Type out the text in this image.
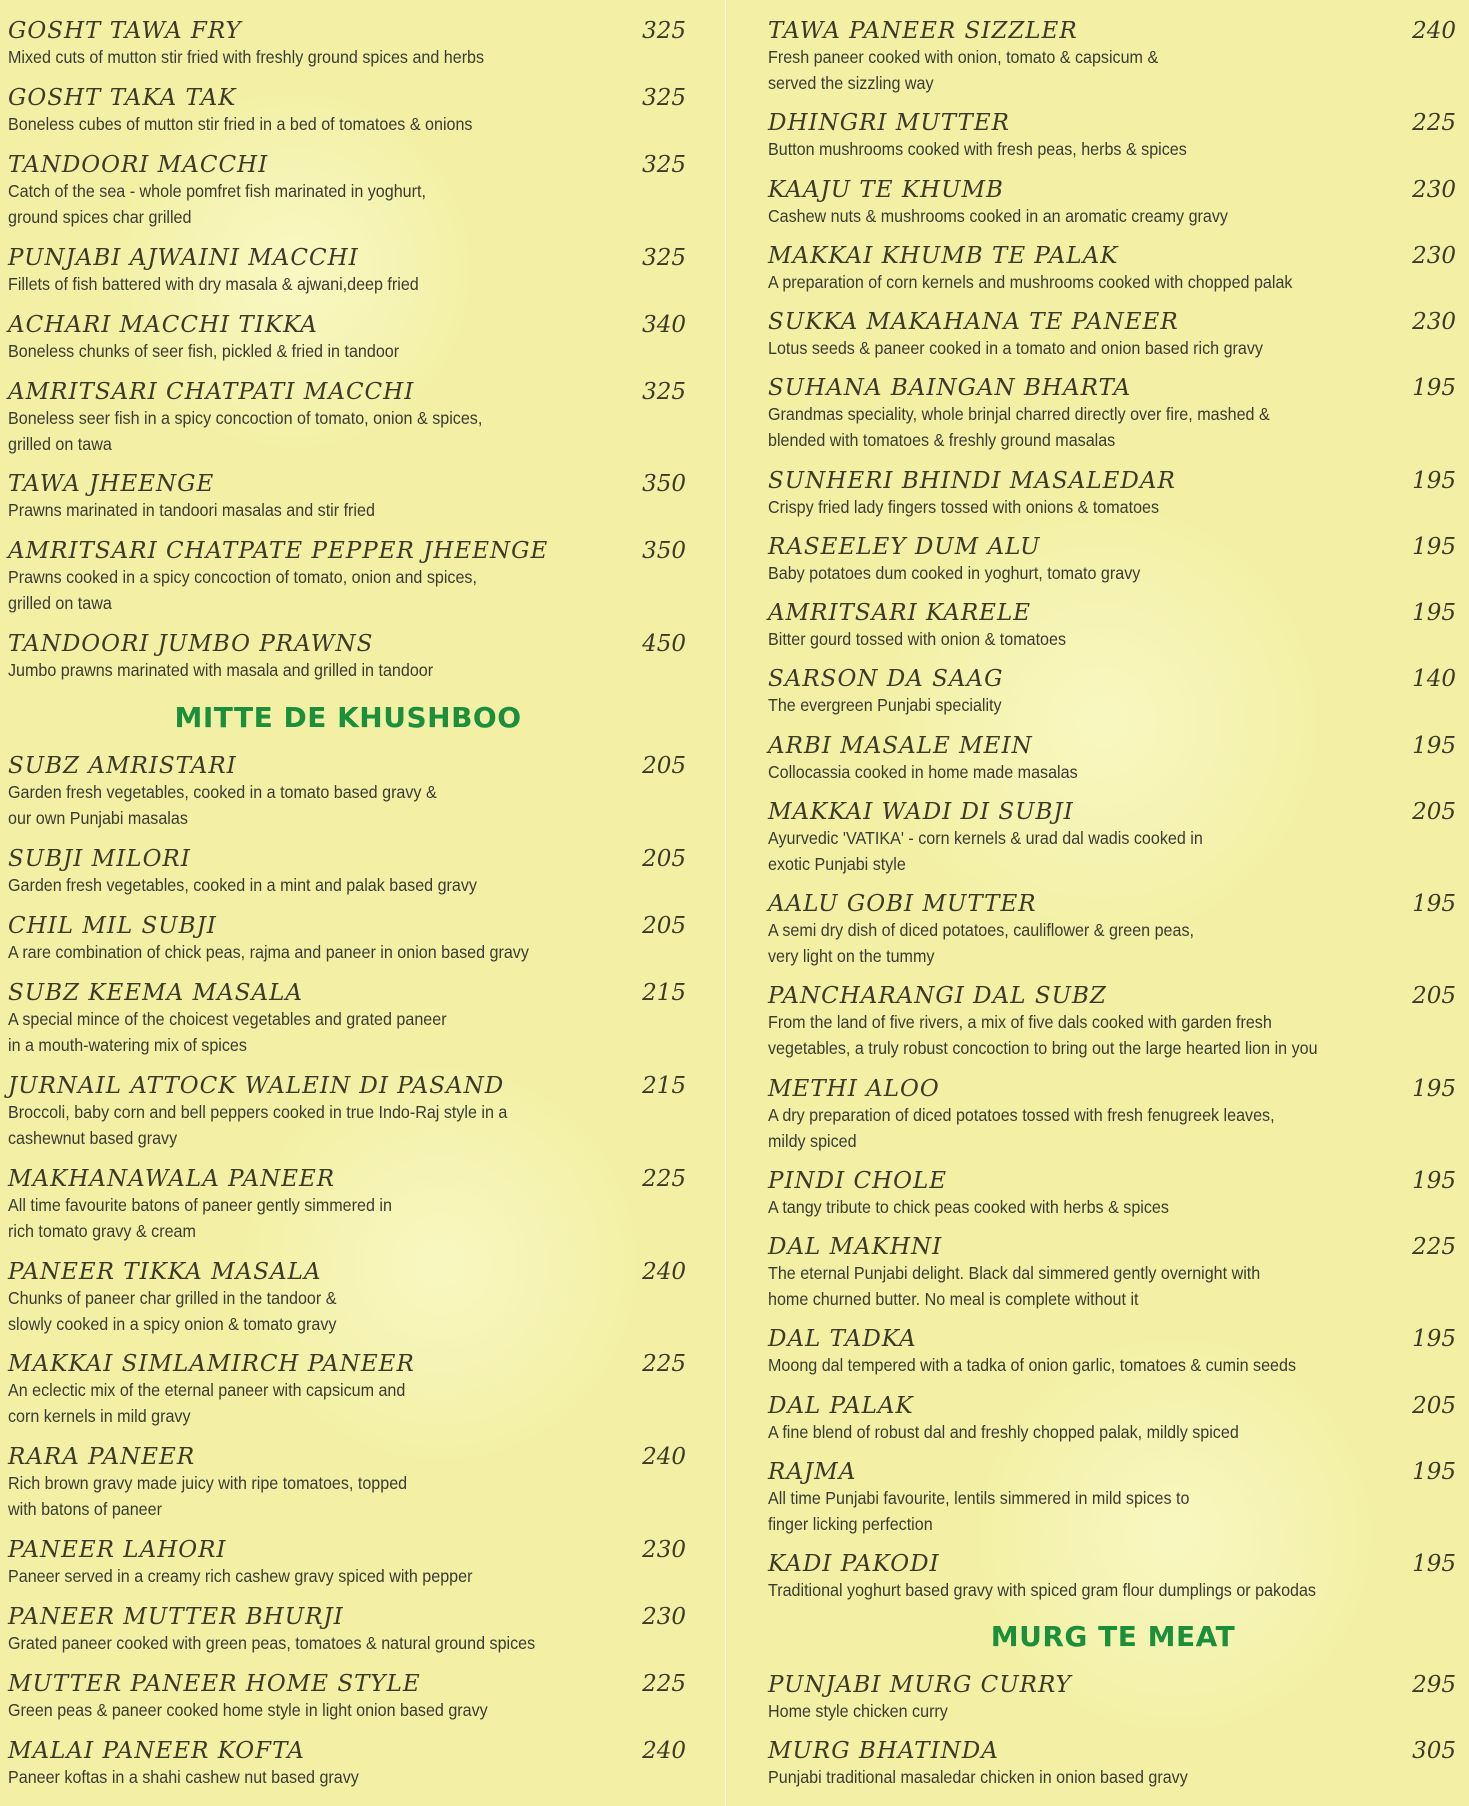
GOSHT TAWA FRY	325
Mixed cuts of mutton stir fried with freshly ground spices and herbs
GOSHT TAKA TAK	325
Boneless cubes of mutton stir fried in a bed of tomatoes & onions
TANDOORI MACCHI	325
Catch of the sea - whole pomfret fish marinated in yoghurt,
ground spices char grilled
PUNJABI AJWAINI MACCHI	325
Fillets of fish battered with dry masala & ajwani,deep fried
ACHARI MACCHI TIKKA	340
Boneless chunks of seer fish, pickled & fried in tandoor
AMRITSARI CHATPATI MACCHI	325
Boneless seer fish in a spicy concoction of tomato, onion & spices,
grilled on tawa
TAWA JHEENGE	350
Prawns marinated in tandoori masalas and stir fried
AMRITSARI CHATPATE PEPPER JHEENGE	350
Prawns cooked in a spicy concoction of tomato, onion and spices,
grilled on tawa
TANDOORI JUMBO PRAWNS	450
Jumbo prawns marinated with masala and grilled in tandoor
MITTE DE KHUSHBOO
SUBZ AMRISTARI	205
Garden fresh vegetables, cooked in a tomato based gravy &
our own Punjabi masalas
SUBJI MILORI	205
Garden fresh vegetables, cooked in a mint and palak based gravy
CHIL MIL SUBJI	205
A rare combination of chick peas, rajma and paneer in onion based gravy
SUBZ KEEMA MASALA	215
A special mince of the choicest vegetables and grated paneer
in a mouth-watering mix of spices
JURNAIL ATTOCK WALEIN DI PASAND	215
Broccoli, baby corn and bell peppers cooked in true Indo-Raj style in a
cashewnut based gravy
MAKHANAWALA PANEER	225
All time favourite batons of paneer gently simmered in
rich tomato gravy & cream
PANEER TIKKA MASALA	240
Chunks of paneer char grilled in the tandoor &
slowly cooked in a spicy onion & tomato gravy
MAKKAI SIMLAMIRCH PANEER	225
An eclectic mix of the eternal paneer with capsicum and
corn kernels in mild gravy
RARA PANEER	240
Rich brown gravy made juicy with ripe tomatoes, topped
with batons of paneer
PANEER LAHORI	230
Paneer served in a creamy rich cashew gravy spiced with pepper
PANEER MUTTER BHURJI	230
Grated paneer cooked with green peas, tomatoes & natural ground spices
MUTTER PANEER HOME STYLE	225
Green peas & paneer cooked home style in light onion based gravy
MALAI PANEER KOFTA	240
Paneer koftas in a shahi cashew nut based gravy
TAWA PANEER SIZZLER	240
Fresh paneer cooked with onion, tomato & capsicum &
served the sizzling way
DHINGRI MUTTER	225
Button mushrooms cooked with fresh peas, herbs & spices
KAAJU TE KHUMB	230
Cashew nuts & mushrooms cooked in an aromatic creamy gravy
MAKKAI KHUMB TE PALAK	230
A preparation of corn kernels and mushrooms cooked with chopped palak
SUKKA MAKAHANA TE PANEER	230
Lotus seeds & paneer cooked in a tomato and onion based rich gravy
SUHANA BAINGAN BHARTA	195
Grandmas speciality, whole brinjal charred directly over fire, mashed &
blended with tomatoes & freshly ground masalas
SUNHERI BHINDI MASALEDAR	195
Crispy fried lady fingers tossed with onions & tomatoes
RASEELEY DUM ALU	195
Baby potatoes dum cooked in yoghurt, tomato gravy
AMRITSARI KARELE	195
Bitter gourd tossed with onion & tomatoes
SARSON DA SAAG	140
The evergreen Punjabi speciality
ARBI MASALE MEIN	195
Collocassia cooked in home made masalas
MAKKAI WADI DI SUBJI	205
Ayurvedic 'VATIKA' - corn kernels & urad dal wadis cooked in
exotic Punjabi style
AALU GOBI MUTTER	195
A semi dry dish of diced potatoes, cauliflower & green peas,
very light on the tummy
PANCHARANGI DAL SUBZ	205
From the land of five rivers, a mix of five dals cooked with garden fresh
vegetables, a truly robust concoction to bring out the large hearted lion in you
METHI ALOO	195
A dry preparation of diced potatoes tossed with fresh fenugreek leaves,
mildy spiced
PINDI CHOLE	195
A tangy tribute to chick peas cooked with herbs & spices
DAL MAKHNI	225
The eternal Punjabi delight. Black dal simmered gently overnight with
home churned butter. No meal is complete without it
DAL TADKA	195
Moong dal tempered with a tadka of onion garlic, tomatoes & cumin seeds
DAL PALAK	205
A fine blend of robust dal and freshly chopped palak, mildly spiced
RAJMA	195
All time Punjabi favourite, lentils simmered in mild spices to
finger licking perfection
KADI PAKODI	195
Traditional yoghurt based gravy with spiced gram flour dumplings or pakodas
MURG TE MEAT
PUNJABI MURG CURRY	295
Home style chicken curry
MURG BHATINDA	305
Punjabi traditional masaledar chicken in onion based gravy
